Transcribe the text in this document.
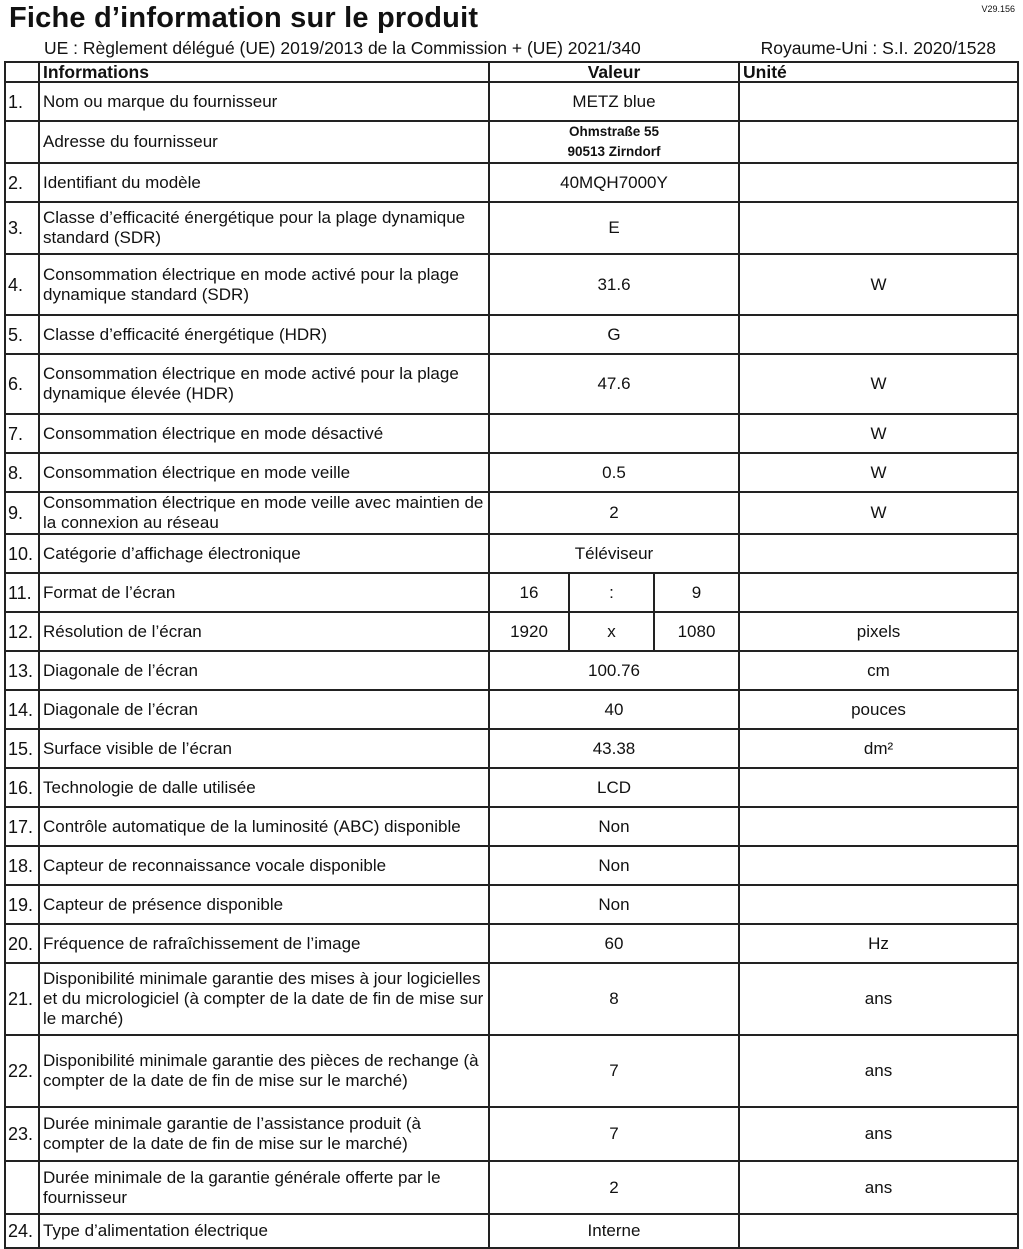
V29.156
Fiche d’information sur le produit
UE : Règlement délégué (UE) 2019/2013 de la Commission + (UE) 2021/340	Royaume-Uni : S.I. 2020/1528
	Informations	Valeur			Unité
1.	Nom ou marque du fournisseur	METZ blue			
	Adresse du fournisseur	Ohmstraße 55
90513 Zirndorf			

2.	Identifiant du modèle	40MQH7000Y			
3.	Classe d’efficacité énergétique pour la plage dynamique standard (SDR)	E			
4.	Consommation électrique en mode activé pour la plage dynamique standard (SDR)	31.6			W
5.	Classe d’efficacité énergétique (HDR)	G			
6.	Consommation électrique en mode activé pour la plage dynamique élevée (HDR)	47.6			W
7.	Consommation électrique en mode désactivé				W
8.	Consommation électrique en mode veille	0.5			W
9.	Consommation électrique en mode veille avec maintien de la connexion au réseau	2			W
10.	Catégorie d’affichage électronique	Téléviseur			
11.	Format de l’écran	16	:	9	
12.	Résolution de l’écran	1920	x	1080	pixels
13.	Diagonale de l’écran	100.76			cm
14.	Diagonale de l’écran	40			pouces
15.	Surface visible de l’écran	43.38			dm²
16.	Technologie de dalle utilisée	LCD			
17.	Contrôle automatique de la luminosité (ABC) disponible	Non			
18.	Capteur de reconnaissance vocale disponible	Non			
19.	Capteur de présence disponible	Non			
20.	Fréquence de rafraîchissement de l’image	60			Hz
21.	Disponibilité minimale garantie des mises à jour logicielles et du micrologiciel (à compter de la date de fin de mise sur le marché)	8			ans
22.	Disponibilité minimale garantie des pièces de rechange (à compter de la date de fin de mise sur le marché)	7			ans
23.	Durée minimale garantie de l’assistance produit (à compter de la date de fin de mise sur le marché)	7			ans
	Durée minimale de la garantie générale offerte par le fournisseur	2			ans
24.	Type d’alimentation électrique	Interne			
